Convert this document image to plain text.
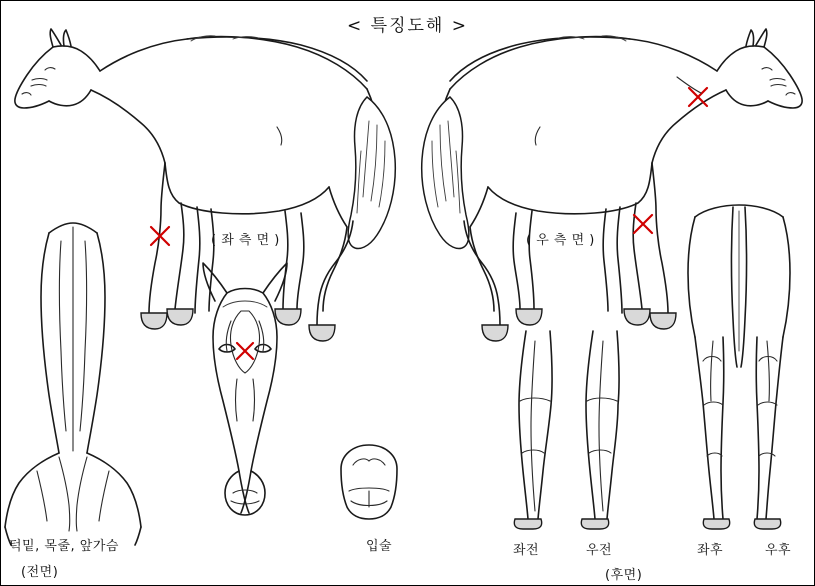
< 특징도해 >
( 좌 측 면 )	( 우 측 면 )
턱밑, 목줄, 앞가슴
(전면)
입술	좌전	우전	좌후	우후
(후면)
